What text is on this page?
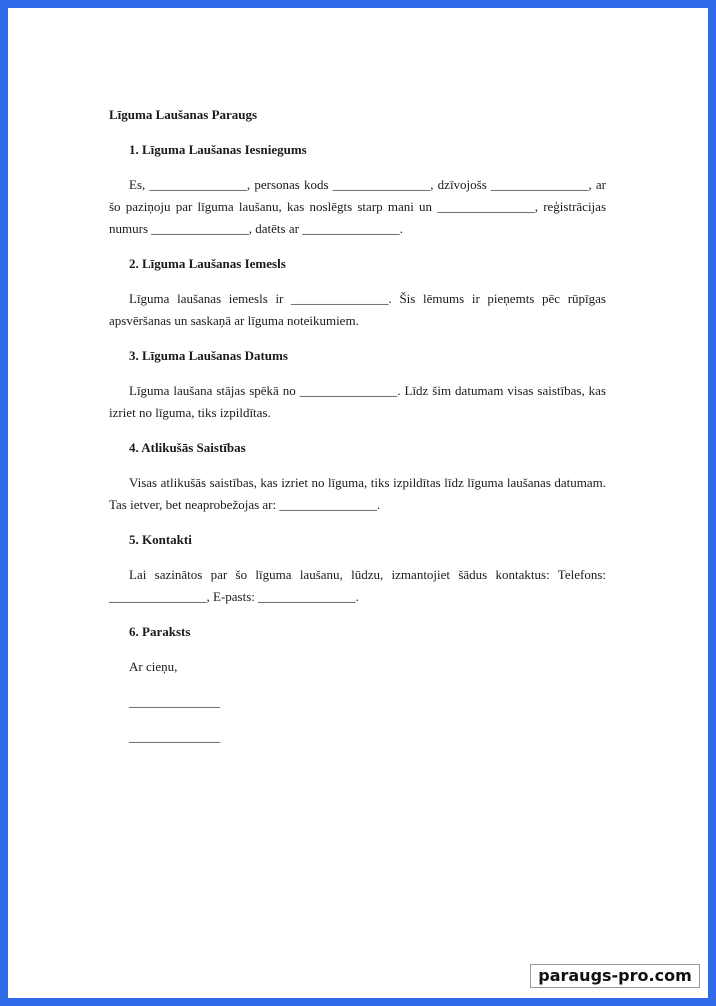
Līguma Laušanas Paraugs
1. Līguma Laušanas Iesniegums

Es, _______________, personas kods _______________, dzīvojošs _______________, ar šo paziņoju par līguma laušanu, kas noslēgts starp mani un _______________, reģistrācijas numurs _______________, datēts ar _______________.

2. Līguma Laušanas Iemesls

Līguma laušanas iemesls ir _______________. Šis lēmums ir pieņemts pēc rūpīgas apsvēršanas un saskaņā ar līguma noteikumiem.

3. Līguma Laušanas Datums

Līguma laušana stājas spēkā no _______________. Līdz šim datumam visas saistības, kas izriet no līguma, tiks izpildītas.

4. Atlikušās Saistības

Visas atlikušās saistības, kas izriet no līguma, tiks izpildītas līdz līguma laušanas datumam. Tas ietver, bet neaprobežojas ar: _______________.

5. Kontakti

Lai sazinātos par šo līguma laušanu, lūdzu, izmantojiet šādus kontaktus: Telefons: _______________, E-pasts: _______________.

6. Paraksts
Ar cieņu,
______________
______________
paraugs-pro.com
